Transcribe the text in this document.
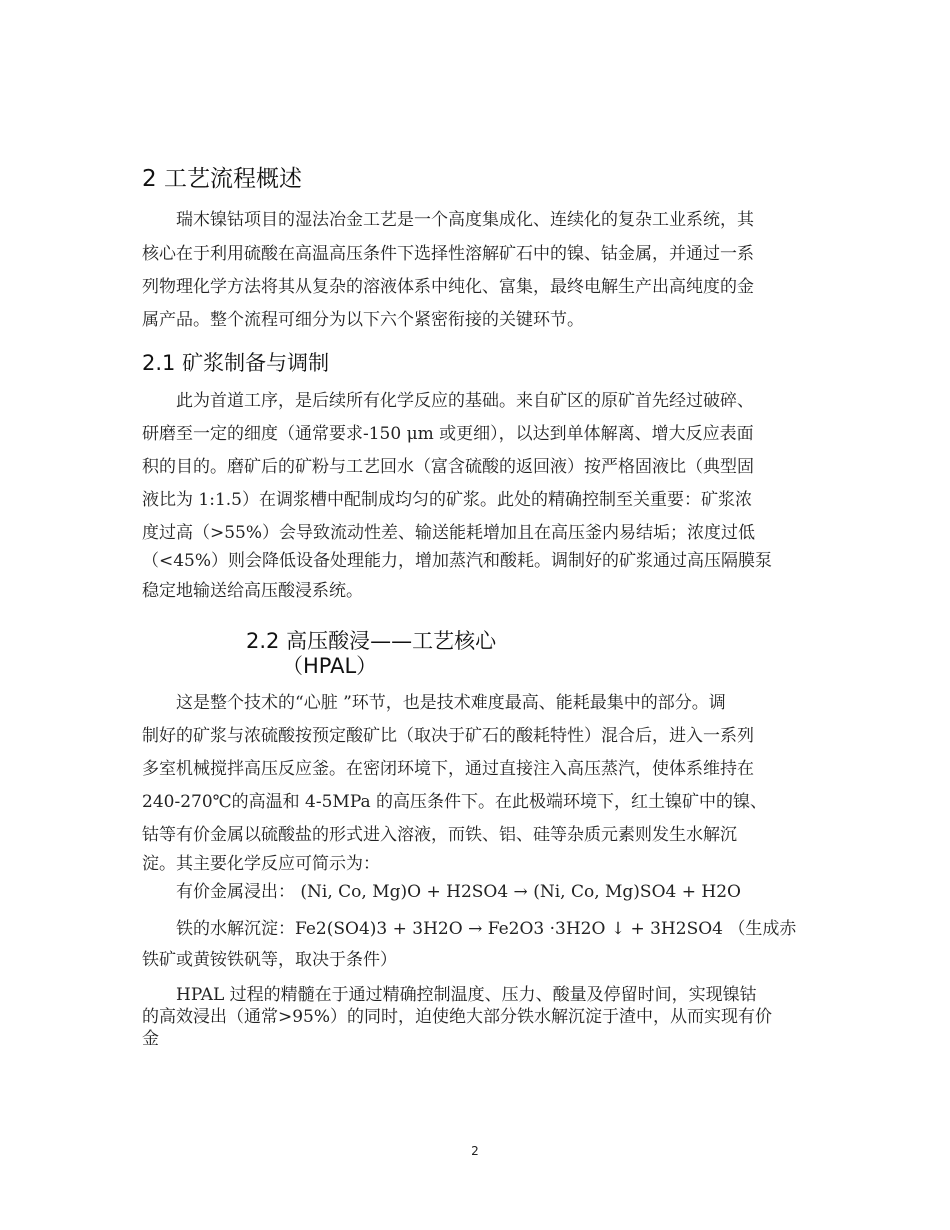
2 工艺流程概述
瑞木镍钴项目的湿法冶金工艺是一个高度集成化、连续化的复杂工业系统，其
核心在于利用硫酸在高温高压条件下选择性溶解矿石中的镍、钴金属，并通过一系
列物理化学方法将其从复杂的溶液体系中纯化、富集，最终电解生产出高纯度的金
属产品。整个流程可细分为以下六个紧密衔接的关键环节。
2.1 矿浆制备与调制
此为首道工序，是后续所有化学反应的基础。来自矿区的原矿首先经过破碎、
研磨至一定的细度（通常要求-150 μm 或更细），以达到单体解离、增大反应表面
积的目的。磨矿后的矿粉与工艺回水（富含硫酸的返回液）按严格固液比（典型固
液比为 1:1.5）在调浆槽中配制成均匀的矿浆。此处的精确控制至关重要：矿浆浓
度过高（>55%）会导致流动性差、输送能耗增加且在高压釜内易结垢；浓度过低
（<45%）则会降低设备处理能力，增加蒸汽和酸耗。调制好的矿浆通过高压隔膜泵
稳定地输送给高压酸浸系统。
2.2 高压酸浸——工艺核心
（HPAL）
这是整个技术的“心脏 ”环节，也是技术难度最高、能耗最集中的部分。调
制好的矿浆与浓硫酸按预定酸矿比（取决于矿石的酸耗特性）混合后，进入一系列
多室机械搅拌高压反应釜。在密闭环境下，通过直接注入高压蒸汽，使体系维持在
240-270℃的高温和 4-5MPa 的高压条件下。在此极端环境下，红土镍矿中的镍、
钴等有价金属以硫酸盐的形式进入溶液，而铁、铝、硅等杂质元素则发生水解沉
淀。其主要化学反应可简示为：
有价金属浸出： (Ni, Co, Mg)O + H2SO4 → (Ni, Co, Mg)SO4 + H2O
铁的水解沉淀：Fe2(SO4)3 + 3H2O → Fe2O3 ·3H2O ↓ + 3H2SO4 （生成赤
铁矿或黄铵铁矾等，取决于条件）
HPAL 过程的精髓在于通过精确控制温度、压力、酸量及停留时间，实现镍钴
的高效浸出（通常>95%）的同时，迫使绝大部分铁水解沉淀于渣中，从而实现有价
金
2
